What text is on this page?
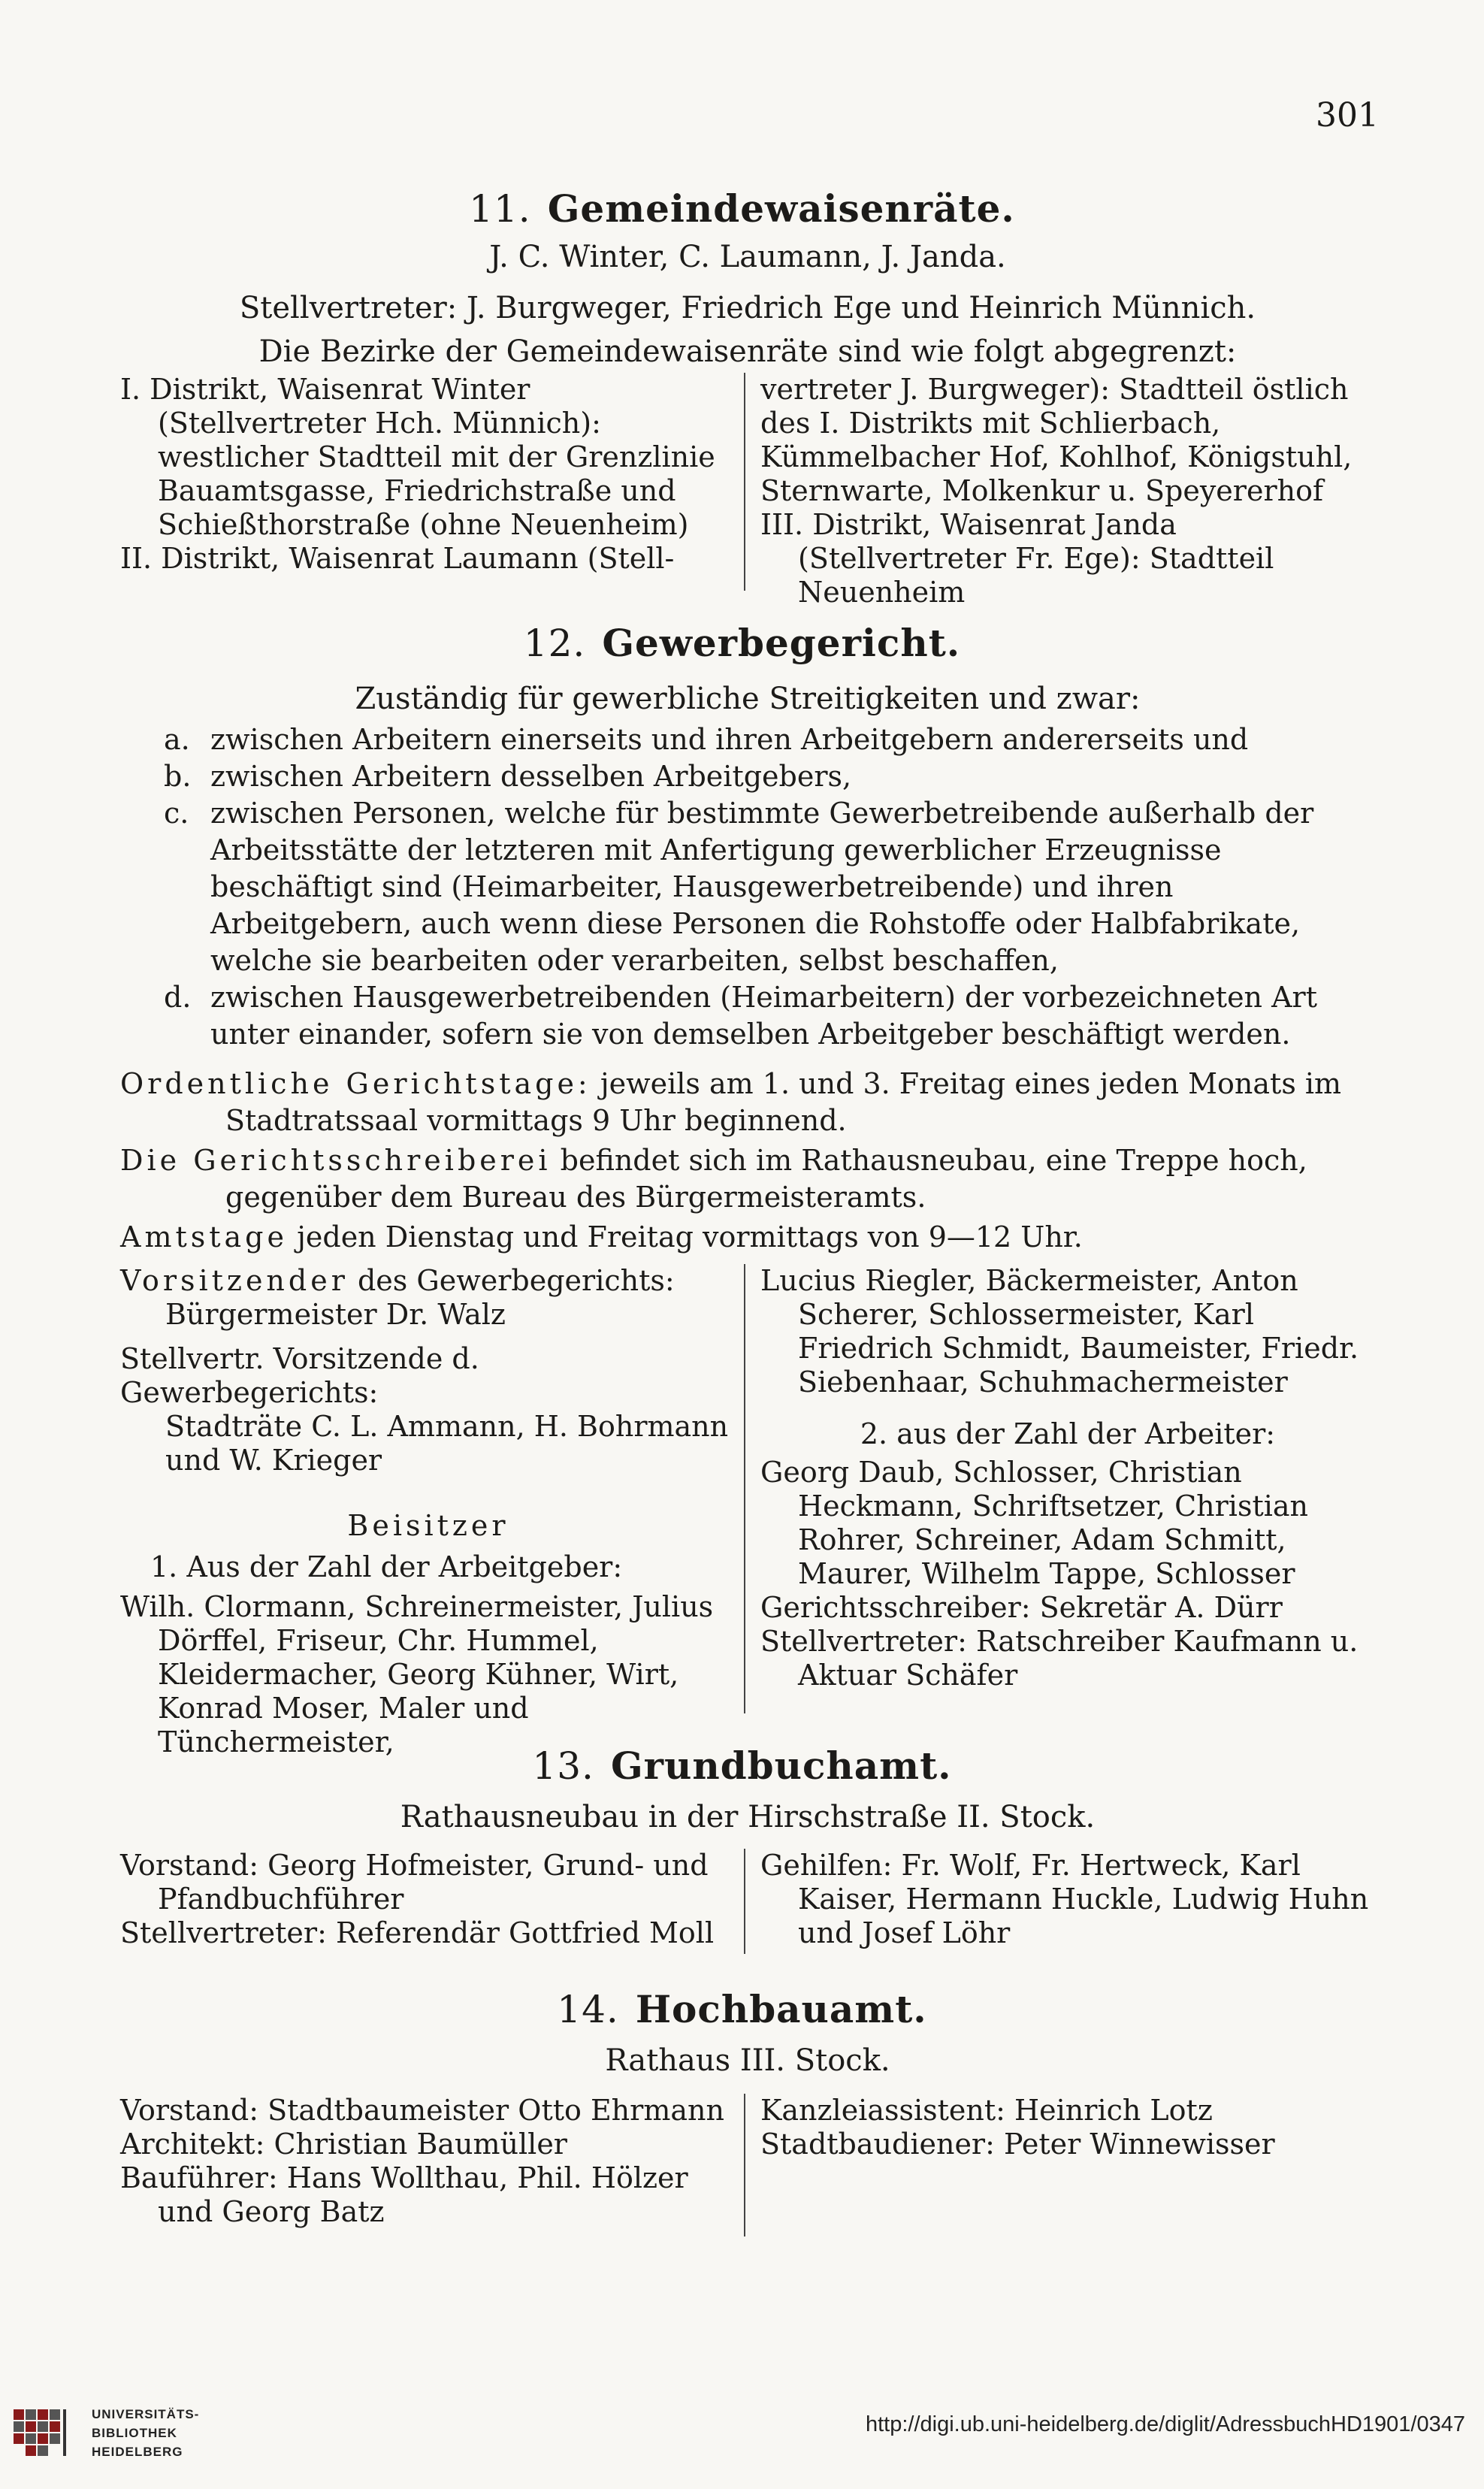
301
11. Gemeindewaisenräte.
J. C. Winter, C. Laumann, J. Janda.
Stellvertreter: J. Burgweger, Friedrich Ege und Heinrich Münnich.
Die Bezirke der Gemeindewaisenräte sind wie folgt abgegrenzt:

I. Distrikt, Waisenrat Winter (Stellvertreter Hch. Münnich): westlicher Stadtteil mit der Grenzlinie Bauamtsgasse, Friedrichstraße und Schießthorstraße (ohne Neuenheim)

II. Distrikt, Waisenrat Laumann (Stell-

vertreter J. Burgweger): Stadtteil östlich des I. Distrikts mit Schlierbach, Kümmelbacher Hof, Kohlhof, Königstuhl, Sternwarte, Molkenkur u. Speyererhof

III. Distrikt, Waisenrat Janda (Stellvertreter Fr. Ege): Stadtteil Neuenheim

12. Gewerbegericht.
Zuständig für gewerbliche Streitigkeiten und zwar:

a. zwischen Arbeitern einerseits und ihren Arbeitgebern andererseits und

b. zwischen Arbeitern desselben Arbeitgebers,

c. zwischen Personen, welche für bestimmte Gewerbetreibende außerhalb der Arbeitsstätte der letzteren mit Anfertigung gewerblicher Erzeugnisse beschäftigt sind (Heimarbeiter, Hausgewerbetreibende) und ihren Arbeitgebern, auch wenn diese Personen die Rohstoffe oder Halbfabrikate, welche sie bearbeiten oder verarbeiten, selbst beschaffen,

d. zwischen Hausgewerbetreibenden (Heimarbeitern) der vorbezeichneten Art unter einander, sofern sie von demselben Arbeitgeber beschäftigt werden.

Ordentliche Gerichtstage: jeweils am 1. und 3. Freitag eines jeden Monats im Stadtratssaal vormittags 9 Uhr beginnend.

Die Gerichtsschreiberei befindet sich im Rathausneubau, eine Treppe hoch, gegenüber dem Bureau des Bürgermeisteramts.

Amtstage jeden Dienstag und Freitag vormittags von 9—12 Uhr.

Vorsitzender des Gewerbegerichts:

Bürgermeister Dr. Walz

Stellvertr. Vorsitzende d. Gewerbegerichts:

Stadträte C. L. Ammann, H. Bohrmann und W. Krieger

Beisitzer

1. Aus der Zahl der Arbeitgeber:

Wilh. Clormann, Schreinermeister, Julius Dörffel, Friseur, Chr. Hummel, Kleidermacher, Georg Kühner, Wirt, Konrad Moser, Maler und Tünchermeister,

Lucius Riegler, Bäckermeister, Anton Scherer, Schlossermeister, Karl Friedrich Schmidt, Baumeister, Friedr. Siebenhaar, Schuhmachermeister

2. aus der Zahl der Arbeiter:

Georg Daub, Schlosser, Christian Heckmann, Schriftsetzer, Christian Rohrer, Schreiner, Adam Schmitt, Maurer, Wilhelm Tappe, Schlosser

Gerichtsschreiber: Sekretär A. Dürr

Stellvertreter: Ratschreiber Kaufmann u. Aktuar Schäfer

13. Grundbuchamt.
Rathausneubau in der Hirschstraße II. Stock.

Vorstand: Georg Hofmeister, Grund- und Pfandbuchführer

Stellvertreter: Referendär Gottfried Moll

Gehilfen: Fr. Wolf, Fr. Hertweck, Karl Kaiser, Hermann Huckle, Ludwig Huhn und Josef Löhr

14. Hochbauamt.
Rathaus III. Stock.

Vorstand: Stadtbaumeister Otto Ehrmann

Architekt: Christian Baumüller

Bauführer: Hans Wollthau, Phil. Hölzer und Georg Batz

Kanzleiassistent: Heinrich Lotz

Stadtbaudiener: Peter Winnewisser

UNIVERSITÄTS-
BIBLIOTHEK
HEIDELBERG
http://digi.ub.uni-heidelberg.de/diglit/AdressbuchHD1901/0347
